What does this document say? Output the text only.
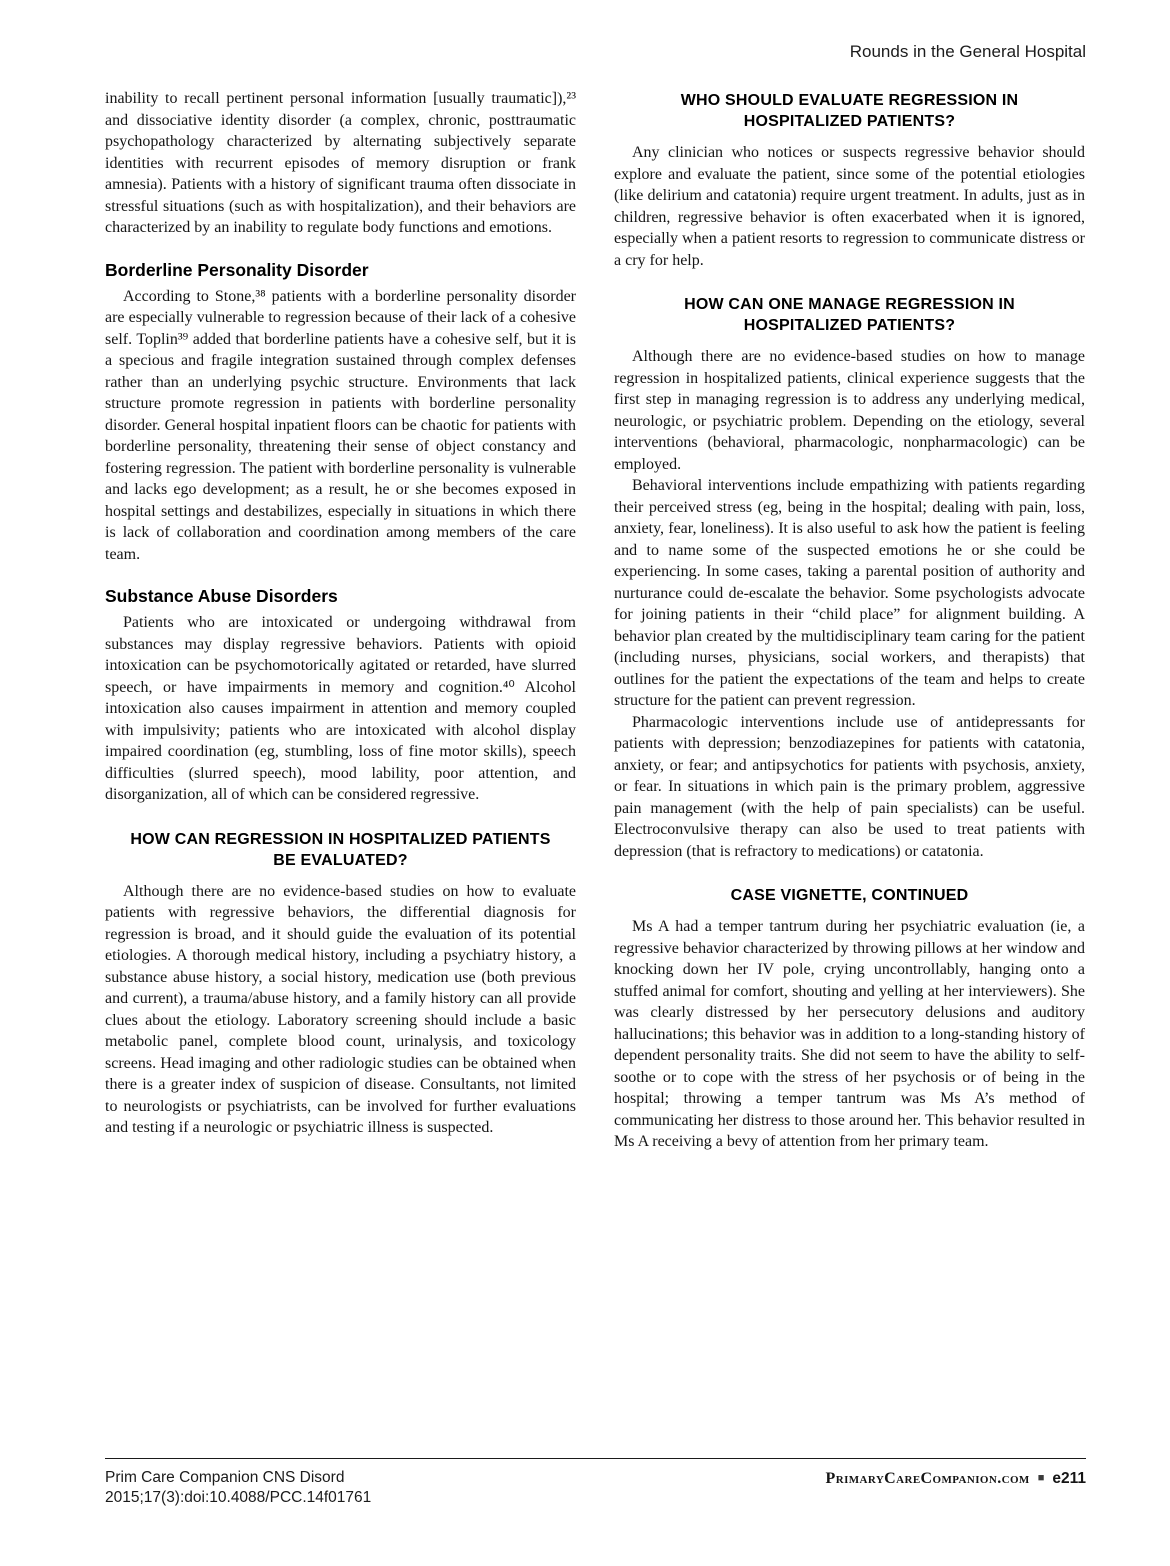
Rounds in the General Hospital

inability to recall pertinent personal information [usually traumatic]),²³ and dissociative identity disorder (a complex, chronic, posttraumatic psychopathology characterized by alternating subjectively separate identities with recurrent episodes of memory disruption or frank amnesia). Patients with a history of significant trauma often dissociate in stressful situations (such as with hospitalization), and their behaviors are characterized by an inability to regulate body functions and emotions.

Borderline Personality Disorder

According to Stone,³⁸ patients with a borderline personality disorder are especially vulnerable to regression because of their lack of a cohesive self. Toplin³⁹ added that borderline patients have a cohesive self, but it is a specious and fragile integration sustained through complex defenses rather than an underlying psychic structure. Environments that lack structure promote regression in patients with borderline personality disorder. General hospital inpatient floors can be chaotic for patients with borderline personality, threatening their sense of object constancy and fostering regression. The patient with borderline personality is vulnerable and lacks ego development; as a result, he or she becomes exposed in hospital settings and destabilizes, especially in situations in which there is lack of collaboration and coordination among members of the care team.

Substance Abuse Disorders

Patients who are intoxicated or undergoing withdrawal from substances may display regressive behaviors. Patients with opioid intoxication can be psychomotorically agitated or retarded, have slurred speech, or have impairments in memory and cognition.⁴⁰ Alcohol intoxication also causes impairment in attention and memory coupled with impulsivity; patients who are intoxicated with alcohol display impaired coordination (eg, stumbling, loss of fine motor skills), speech difficulties (slurred speech), mood lability, poor attention, and disorganization, all of which can be considered regressive.

HOW CAN REGRESSION IN HOSPITALIZED PATIENTS BE EVALUATED?

Although there are no evidence-based studies on how to evaluate patients with regressive behaviors, the differential diagnosis for regression is broad, and it should guide the evaluation of its potential etiologies. A thorough medical history, including a psychiatry history, a substance abuse history, a social history, medication use (both previous and current), a trauma/abuse history, and a family history can all provide clues about the etiology. Laboratory screening should include a basic metabolic panel, complete blood count, urinalysis, and toxicology screens. Head imaging and other radiologic studies can be obtained when there is a greater index of suspicion of disease. Consultants, not limited to neurologists or psychiatrists, can be involved for further evaluations and testing if a neurologic or psychiatric illness is suspected.

WHO SHOULD EVALUATE REGRESSION IN HOSPITALIZED PATIENTS?

Any clinician who notices or suspects regressive behavior should explore and evaluate the patient, since some of the potential etiologies (like delirium and catatonia) require urgent treatment. In adults, just as in children, regressive behavior is often exacerbated when it is ignored, especially when a patient resorts to regression to communicate distress or a cry for help.

HOW CAN ONE MANAGE REGRESSION IN HOSPITALIZED PATIENTS?

Although there are no evidence-based studies on how to manage regression in hospitalized patients, clinical experience suggests that the first step in managing regression is to address any underlying medical, neurologic, or psychiatric problem. Depending on the etiology, several interventions (behavioral, pharmacologic, nonpharmacologic) can be employed.

Behavioral interventions include empathizing with patients regarding their perceived stress (eg, being in the hospital; dealing with pain, loss, anxiety, fear, loneliness). It is also useful to ask how the patient is feeling and to name some of the suspected emotions he or she could be experiencing. In some cases, taking a parental position of authority and nurturance could de-escalate the behavior. Some psychologists advocate for joining patients in their “child place” for alignment building. A behavior plan created by the multidisciplinary team caring for the patient (including nurses, physicians, social workers, and therapists) that outlines for the patient the expectations of the team and helps to create structure for the patient can prevent regression.

Pharmacologic interventions include use of antidepressants for patients with depression; benzodiazepines for patients with catatonia, anxiety, or fear; and antipsychotics for patients with psychosis, anxiety, or fear. In situations in which pain is the primary problem, aggressive pain management (with the help of pain specialists) can be useful. Electroconvulsive therapy can also be used to treat patients with depression (that is refractory to medications) or catatonia.

CASE VIGNETTE, CONTINUED

Ms A had a temper tantrum during her psychiatric evaluation (ie, a regressive behavior characterized by throwing pillows at her window and knocking down her IV pole, crying uncontrollably, hanging onto a stuffed animal for comfort, shouting and yelling at her interviewers). She was clearly distressed by her persecutory delusions and auditory hallucinations; this behavior was in addition to a long-standing history of dependent personality traits. She did not seem to have the ability to self-soothe or to cope with the stress of her psychosis or of being in the hospital; throwing a temper tantrum was Ms A’s method of communicating her distress to those around her. This behavior resulted in Ms A receiving a bevy of attention from her primary team.

Prim Care Companion CNS Disord
2015;17(3):doi:10.4088/PCC.14f01761
PrimaryCareCompanion.com ■ e211
